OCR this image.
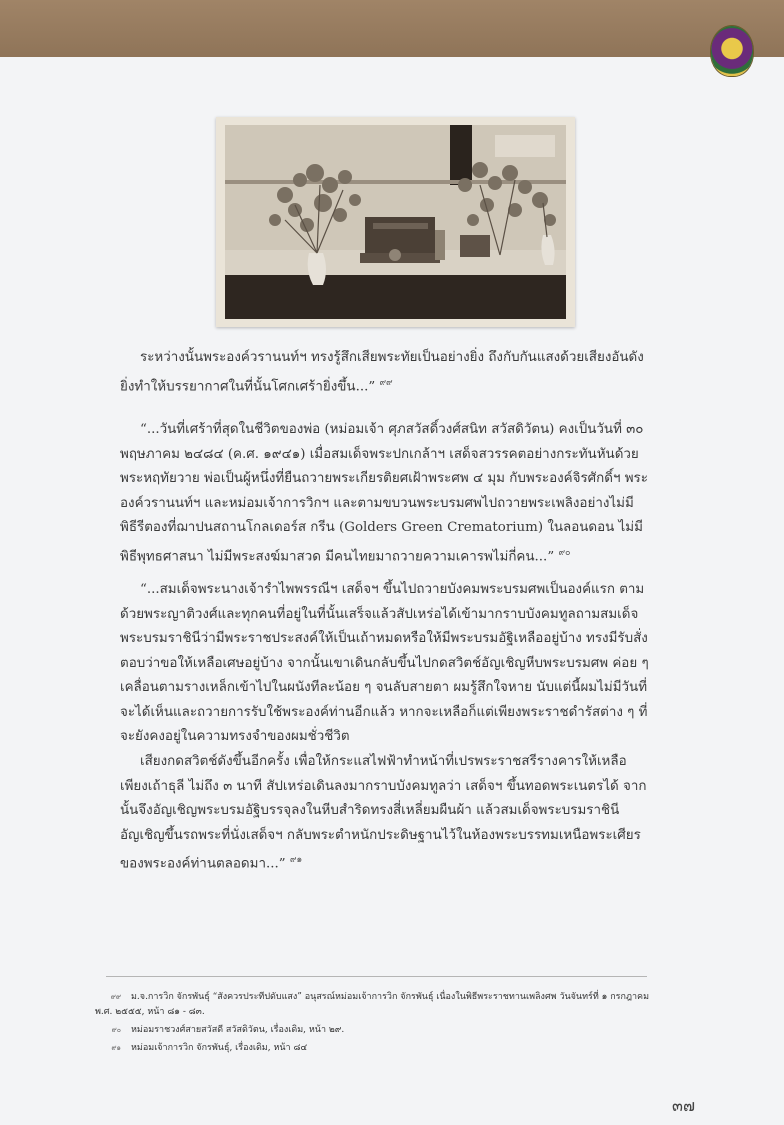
ระหว่างนั้นพระองค์วรานนท์ฯ ทรงรู้สึกเสียพระทัยเป็นอย่างยิ่ง ถึงกับกันแสงด้วยเสียงอันดัง ยิ่งทำให้บรรยากาศในที่นั้นโศกเศร้ายิ่งขึ้น...” $^{๙๙}$

“...วันที่เศร้าที่สุดในชีวิตของพ่อ (หม่อมเจ้า ศุภสวัสดิ์วงศ์สนิท สวัสดิวัตน) คงเป็นวันที่ ๓๐ พฤษภาคม ๒๔๘๔ (ค.ศ. ๑๙๔๑) เมื่อสมเด็จพระปกเกล้าฯ เสด็จสวรรคตอย่างกระทันหันด้วยพระหฤทัยวาย พ่อเป็นผู้หนึ่งที่ยืนถวายพระเกียรติยศเฝ้าพระศพ ๔ มุม กับพระองค์จิรศักดิ์ฯ พระองค์วรานนท์ฯ และหม่อมเจ้าการวิกฯ และตามขบวนพระบรมศพไปถวายพระเพลิงอย่างไม่มีพิธีรีตองที่ฌาปนสถานโกลเดอร์ส กรีน (Golders Green Crematorium) ในลอนดอน ไม่มีพิธีพุทธศาสนา ไม่มีพระสงฆ์มาสวด มีคนไทยมาถวายความเคารพไม่กี่คน...” $^{๙๐}$

“...สมเด็จพระนางเจ้ารำไพพรรณีฯ เสด็จฯ ขึ้นไปถวายบังคมพระบรมศพเป็นองค์แรก ตามด้วยพระญาติวงศ์และทุกคนที่อยู่ในที่นั้นเสร็จแล้วสัปเหร่อได้เข้ามากราบบังคมทูลถามสมเด็จพระบรมราชินีว่ามีพระราชประสงค์ให้เป็นเถ้าหมดหรือให้มีพระบรมอัฐิเหลืออยู่บ้าง ทรงมีรับสั่งตอบว่าขอให้เหลือเศษอยู่บ้าง จากนั้นเขาเดินกลับขึ้นไปกดสวิตช์อัญเชิญหีบพระบรมศพ ค่อย ๆ เคลื่อนตามรางเหล็กเข้าไปในผนังทีละน้อย ๆ จนลับสายตา ผมรู้สึกใจหาย นับแต่นี้ผมไม่มีวันที่จะได้เห็นและถวายการรับใช้พระองค์ท่านอีกแล้ว หากจะเหลือก็แต่เพียงพระราชดำรัสต่าง ๆ ที่จะยังคงอยู่ในความทรงจำของผมชั่วชีวิต

เสียงกดสวิตช์ดังขึ้นอีกครั้ง เพื่อให้กระแสไฟฟ้าทำหน้าที่เปรพระราชสรีรางคารให้เหลือเพียงเถ้าธุลี ไม่ถึง ๓ นาที สัปเหร่อเดินลงมากราบบังคมทูลว่า เสด็จฯ ขึ้นทอดพระเนตรได้ จากนั้นจึงอัญเชิญพระบรมอัฐิบรรจุลงในหีบสำริดทรงสี่เหลี่ยมผืนผ้า แล้วสมเด็จพระบรมราชินีอัญเชิญขึ้นรถพระที่นั่งเสด็จฯ กลับพระตำหนักประดิษฐานไว้ในห้องพระบรรทมเหนือพระเศียรของพระองค์ท่านตลอดมา...” $^{๙๑}$

๙๙ ม.จ.การวิก จักรพันธุ์ “สังควรประทีปดับแสง” อนุสรณ์หม่อมเจ้าการวิก จักรพันธุ์ เนื่องในพิธีพระราชทานเพลิงศพ วันจันทร์ที่ ๑ กรกฎาคม พ.ศ. ๒๕๕๕, หน้า ๘๑ - ๘๓.

๙๐ หม่อมราชวงศ์สายสวัสดี สวัสดิวัตน, เรื่องเดิม, หน้า ๒๙.

๙๑ หม่อมเจ้าการวิก จักรพันธุ์, เรื่องเดิม, หน้า ๘๔

๓๗
